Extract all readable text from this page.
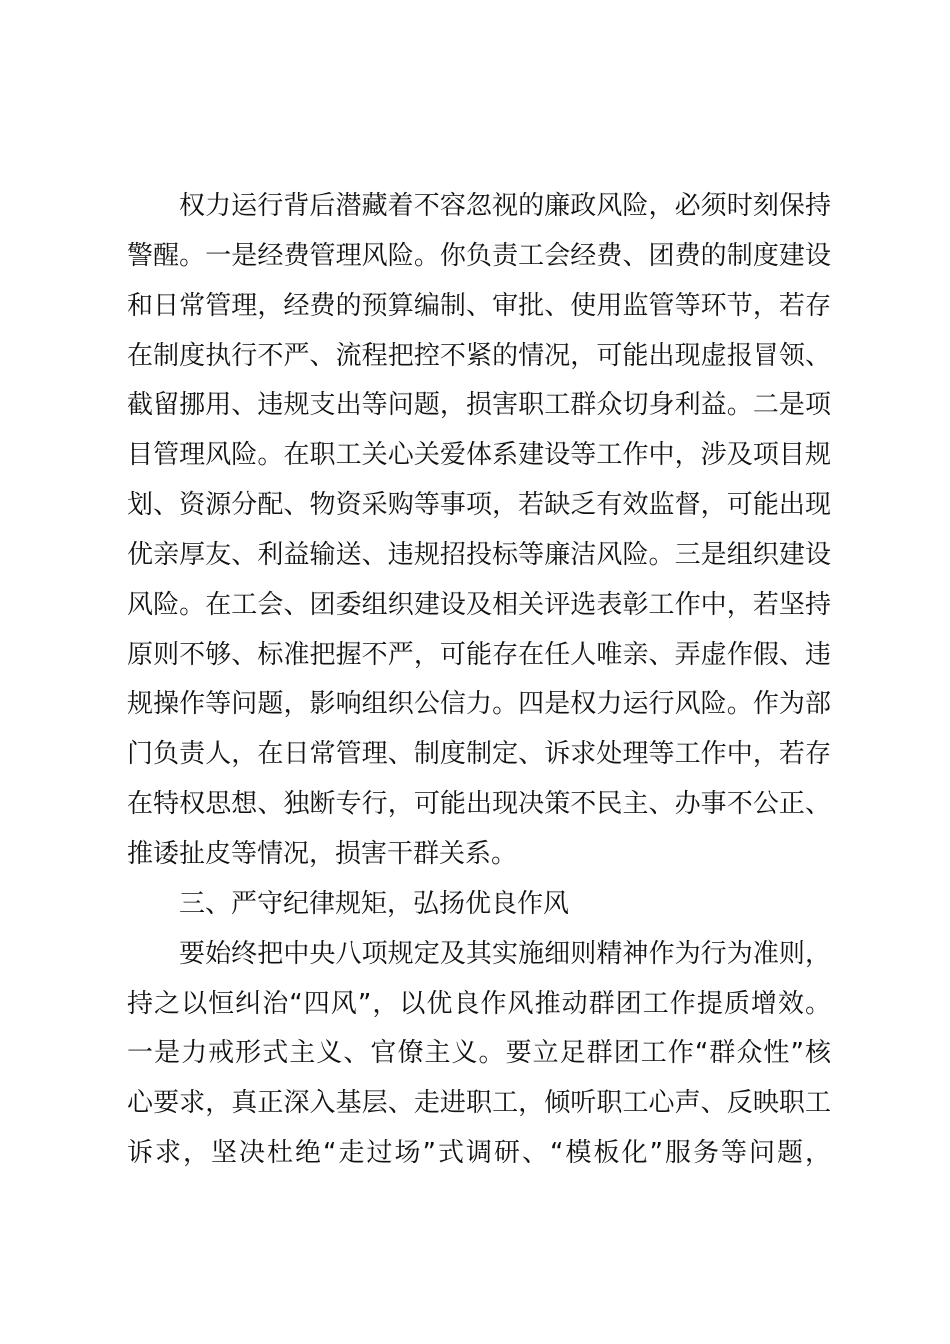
权力运行背后潜藏着不容忽视的廉政风险，必须时刻保持
警醒。一是经费管理风险。你负责工会经费、团费的制度建设
和日常管理，经费的预算编制、审批、使用监管等环节，若存
在制度执行不严、流程把控不紧的情况，可能出现虚报冒领、
截留挪用、违规支出等问题，损害职工群众切身利益。二是项
目管理风险。在职工关心关爱体系建设等工作中，涉及项目规
划、资源分配、物资采购等事项，若缺乏有效监督，可能出现
优亲厚友、利益输送、违规招投标等廉洁风险。三是组织建设
风险。在工会、团委组织建设及相关评选表彰工作中，若坚持
原则不够、标准把握不严，可能存在任人唯亲、弄虚作假、违
规操作等问题，影响组织公信力。四是权力运行风险。作为部
门负责人，在日常管理、制度制定、诉求处理等工作中，若存
在特权思想、独断专行，可能出现决策不民主、办事不公正、
推诿扯皮等情况，损害干群关系。
三、严守纪律规矩，弘扬优良作风
要始终把中央八项规定及其实施细则精神作为行为准则，
持之以恒纠治“四风”，以优良作风推动群团工作提质增效。
一是力戒形式主义、官僚主义。要立足群团工作“群众性”核
心要求，真正深入基层、走进职工，倾听职工心声、反映职工
诉求，坚决杜绝“走过场”式调研、“模板化”服务等问题，
